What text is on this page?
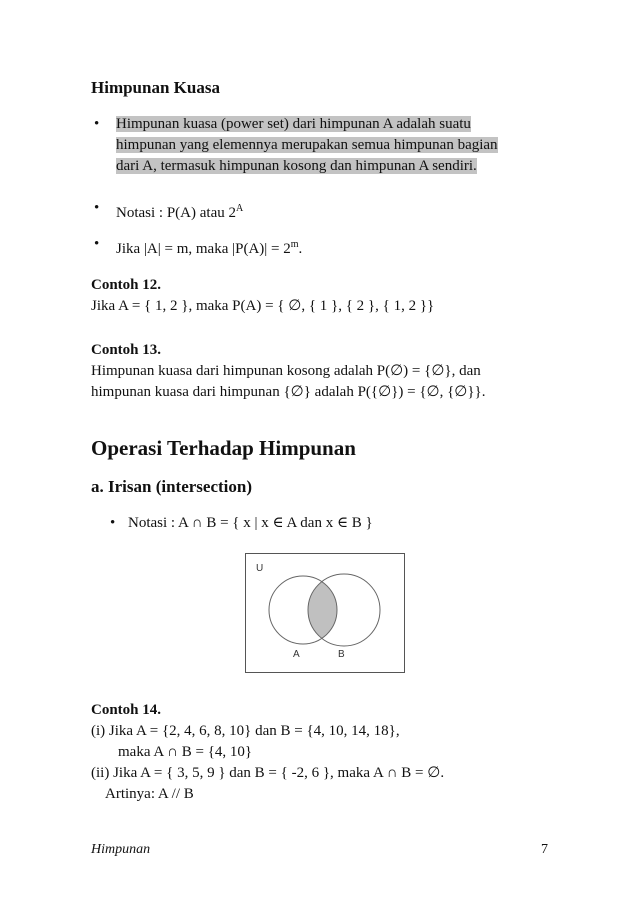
Himpunan Kuasa
• Himpunan kuasa (power set) dari himpunan A adalah suatu
himpunan yang elemennya merupakan semua himpunan bagian
dari A, termasuk himpunan kosong dan himpunan A sendiri.
• Notasi : P(A) atau $2^A$
• Jika |A| = m, maka $|P(A)| = 2^m$.
Contoh 12.
Jika A = { 1, 2 }, maka P(A) = { ∅, { 1 }, { 2 }, { 1, 2 }}
Contoh 13.
Himpunan kuasa dari himpunan kosong adalah P(∅) = {∅}, dan
himpunan kuasa dari himpunan {∅} adalah P({∅}) = {∅, {∅}}.
Operasi Terhadap Himpunan
a. Irisan (intersection)
• Notasi : A ∩ B = { x | x ∈ A dan x ∈ B }
U
A	B
Contoh 14.
(i) Jika A = {2, 4, 6, 8, 10} dan B = {4, 10, 14, 18},
maka A ∩ B = {4, 10}
(ii) Jika A = { 3, 5, 9 } dan B = { -2, 6 }, maka A ∩ B = ∅.
Artinya: A // B
Himpunan	7
